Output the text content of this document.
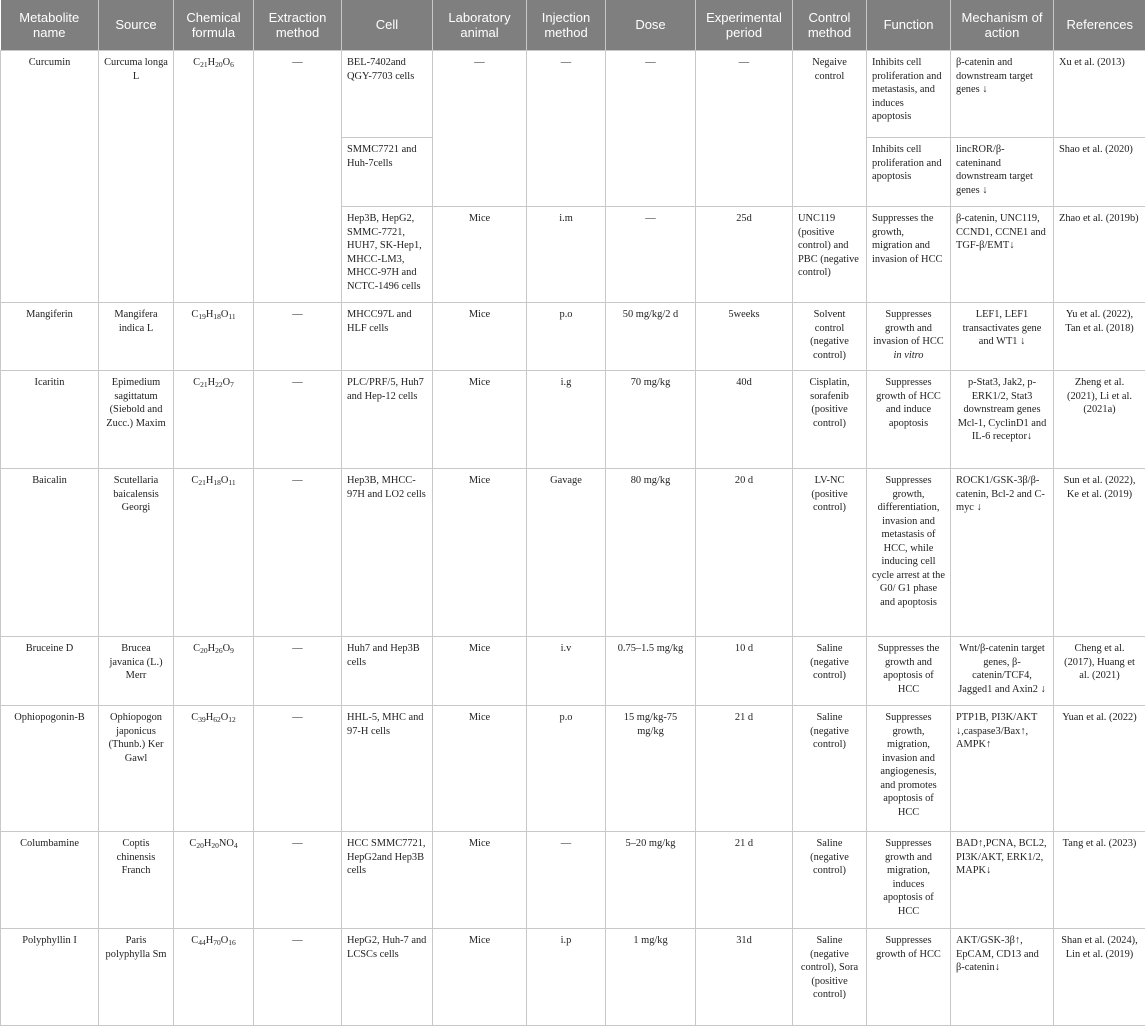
Metabolite name	Source	Chemical formula	Extraction method	Cell	Laboratory animal	Injection method	Dose	Experimental period	Control method	Function	Mechanism of action	References
Curcumin	Curcuma longa L	$C_{21}H_{20}O_6$	—	BEL-7402and QGY-7703 cells	—	—	—	—	Negaive control	Inhibits cell proliferation and metastasis, and induces apoptosis	β-catenin and downstream target genes ↓	Xu et al. (2013)
				SMMC7721 and Huh-7cells						Inhibits cell proliferation and apoptosis	lincROR/β-cateninand downstream target genes ↓	Shao et al. (2020)
				Hep3B, HepG2, SMMC-7721, HUH7, SK-Hep1, MHCC-LM3, MHCC-97H and NCTC-1496 cells	Mice	i.m	—	25d	UNC119 (positive control) and PBC (negative control)	Suppresses the growth, migration and invasion of HCC	β-catenin, UNC119, CCND1, CCNE1 and TGF-β/EMT↓	Zhao et al. (2019b)
Mangiferin	Mangifera indica L	$C_{19}H_{18}O_{11}$	—	MHCC97L and HLF cells	Mice	p.o	50 mg/kg/2 d	5weeks	Solvent control (negative control)	Suppresses growth and invasion of HCC in vitro	LEF1, LEF1 transactivates gene and WT1 ↓	Yu et al. (2022), Tan et al. (2018)
Icaritin	Epimedium sagittatum (Siebold and Zucc.) Maxim	$C_{21}H_{22}O_7$	—	PLC/PRF/5, Huh7 and Hep-12 cells	Mice	i.g	70 mg/kg	40d	Cisplatin, sorafenib (positive control)	Suppresses growth of HCC and induce apoptosis	p-Stat3, Jak2, p-ERK1/2, Stat3 downstream genes Mcl-1, CyclinD1 and IL-6 receptor↓	Zheng et al. (2021), Li et al. (2021a)
Baicalin	Scutellaria baicalensis Georgi	$C_{21}H_{18}O_{11}$	—	Hep3B, MHCC-97H and LO2 cells	Mice	Gavage	80 mg/kg	20 d	LV-NC (positive control)	Suppresses growth, differentiation, invasion and metastasis of HCC, while inducing cell cycle arrest at the G0/ G1 phase and apoptosis	ROCK1/GSK-3β/β-catenin, Bcl-2 and C-myc ↓	Sun et al. (2022), Ke et al. (2019)
Bruceine D	Brucea javanica (L.) Merr	$C_{20}H_{26}O_9$	—	Huh7 and Hep3B cells	Mice	i.v	0.75–1.5 mg/kg	10 d	Saline (negative control)	Suppresses the growth and apoptosis of HCC	Wnt/β-catenin target genes, β-catenin/TCF4, Jagged1 and Axin2 ↓	Cheng et al. (2017), Huang et al. (2021)
Ophiopogonin-B	Ophiopogon japonicus (Thunb.) Ker Gawl	$C_{39}H_{62}O_{12}$	—	HHL-5, MHC and 97-H cells	Mice	p.o	15 mg/kg-75 mg/kg	21 d	Saline (negative control)	Suppresses growth, migration, invasion and angiogenesis, and promotes apoptosis of HCC	PTP1B, PI3K/AKT ↓,caspase3/Bax↑, AMPK↑	Yuan et al. (2022)
Columbamine	Coptis chinensis Franch	$C_{20}H_{20}NO_4$	—	HCC SMMC7721, HepG2and Hep3B cells	Mice	—	5–20 mg/kg	21 d	Saline (negative control)	Suppresses growth and migration, induces apoptosis of HCC	BAD↑,PCNA, BCL2, PI3K/AKT, ERK1/2, MAPK↓	Tang et al. (2023)
Polyphyllin I	Paris polyphylla Sm	$C_{44}H_{70}O_{16}$	—	HepG2, Huh-7 and LCSCs cells	Mice	i.p	1 mg/kg	31d	Saline (negative control), Sora (positive control)	Suppresses growth of HCC	AKT/GSK-3β↑, EpCAM, CD13 and β-catenin↓	Shan et al. (2024), Lin et al. (2019)
